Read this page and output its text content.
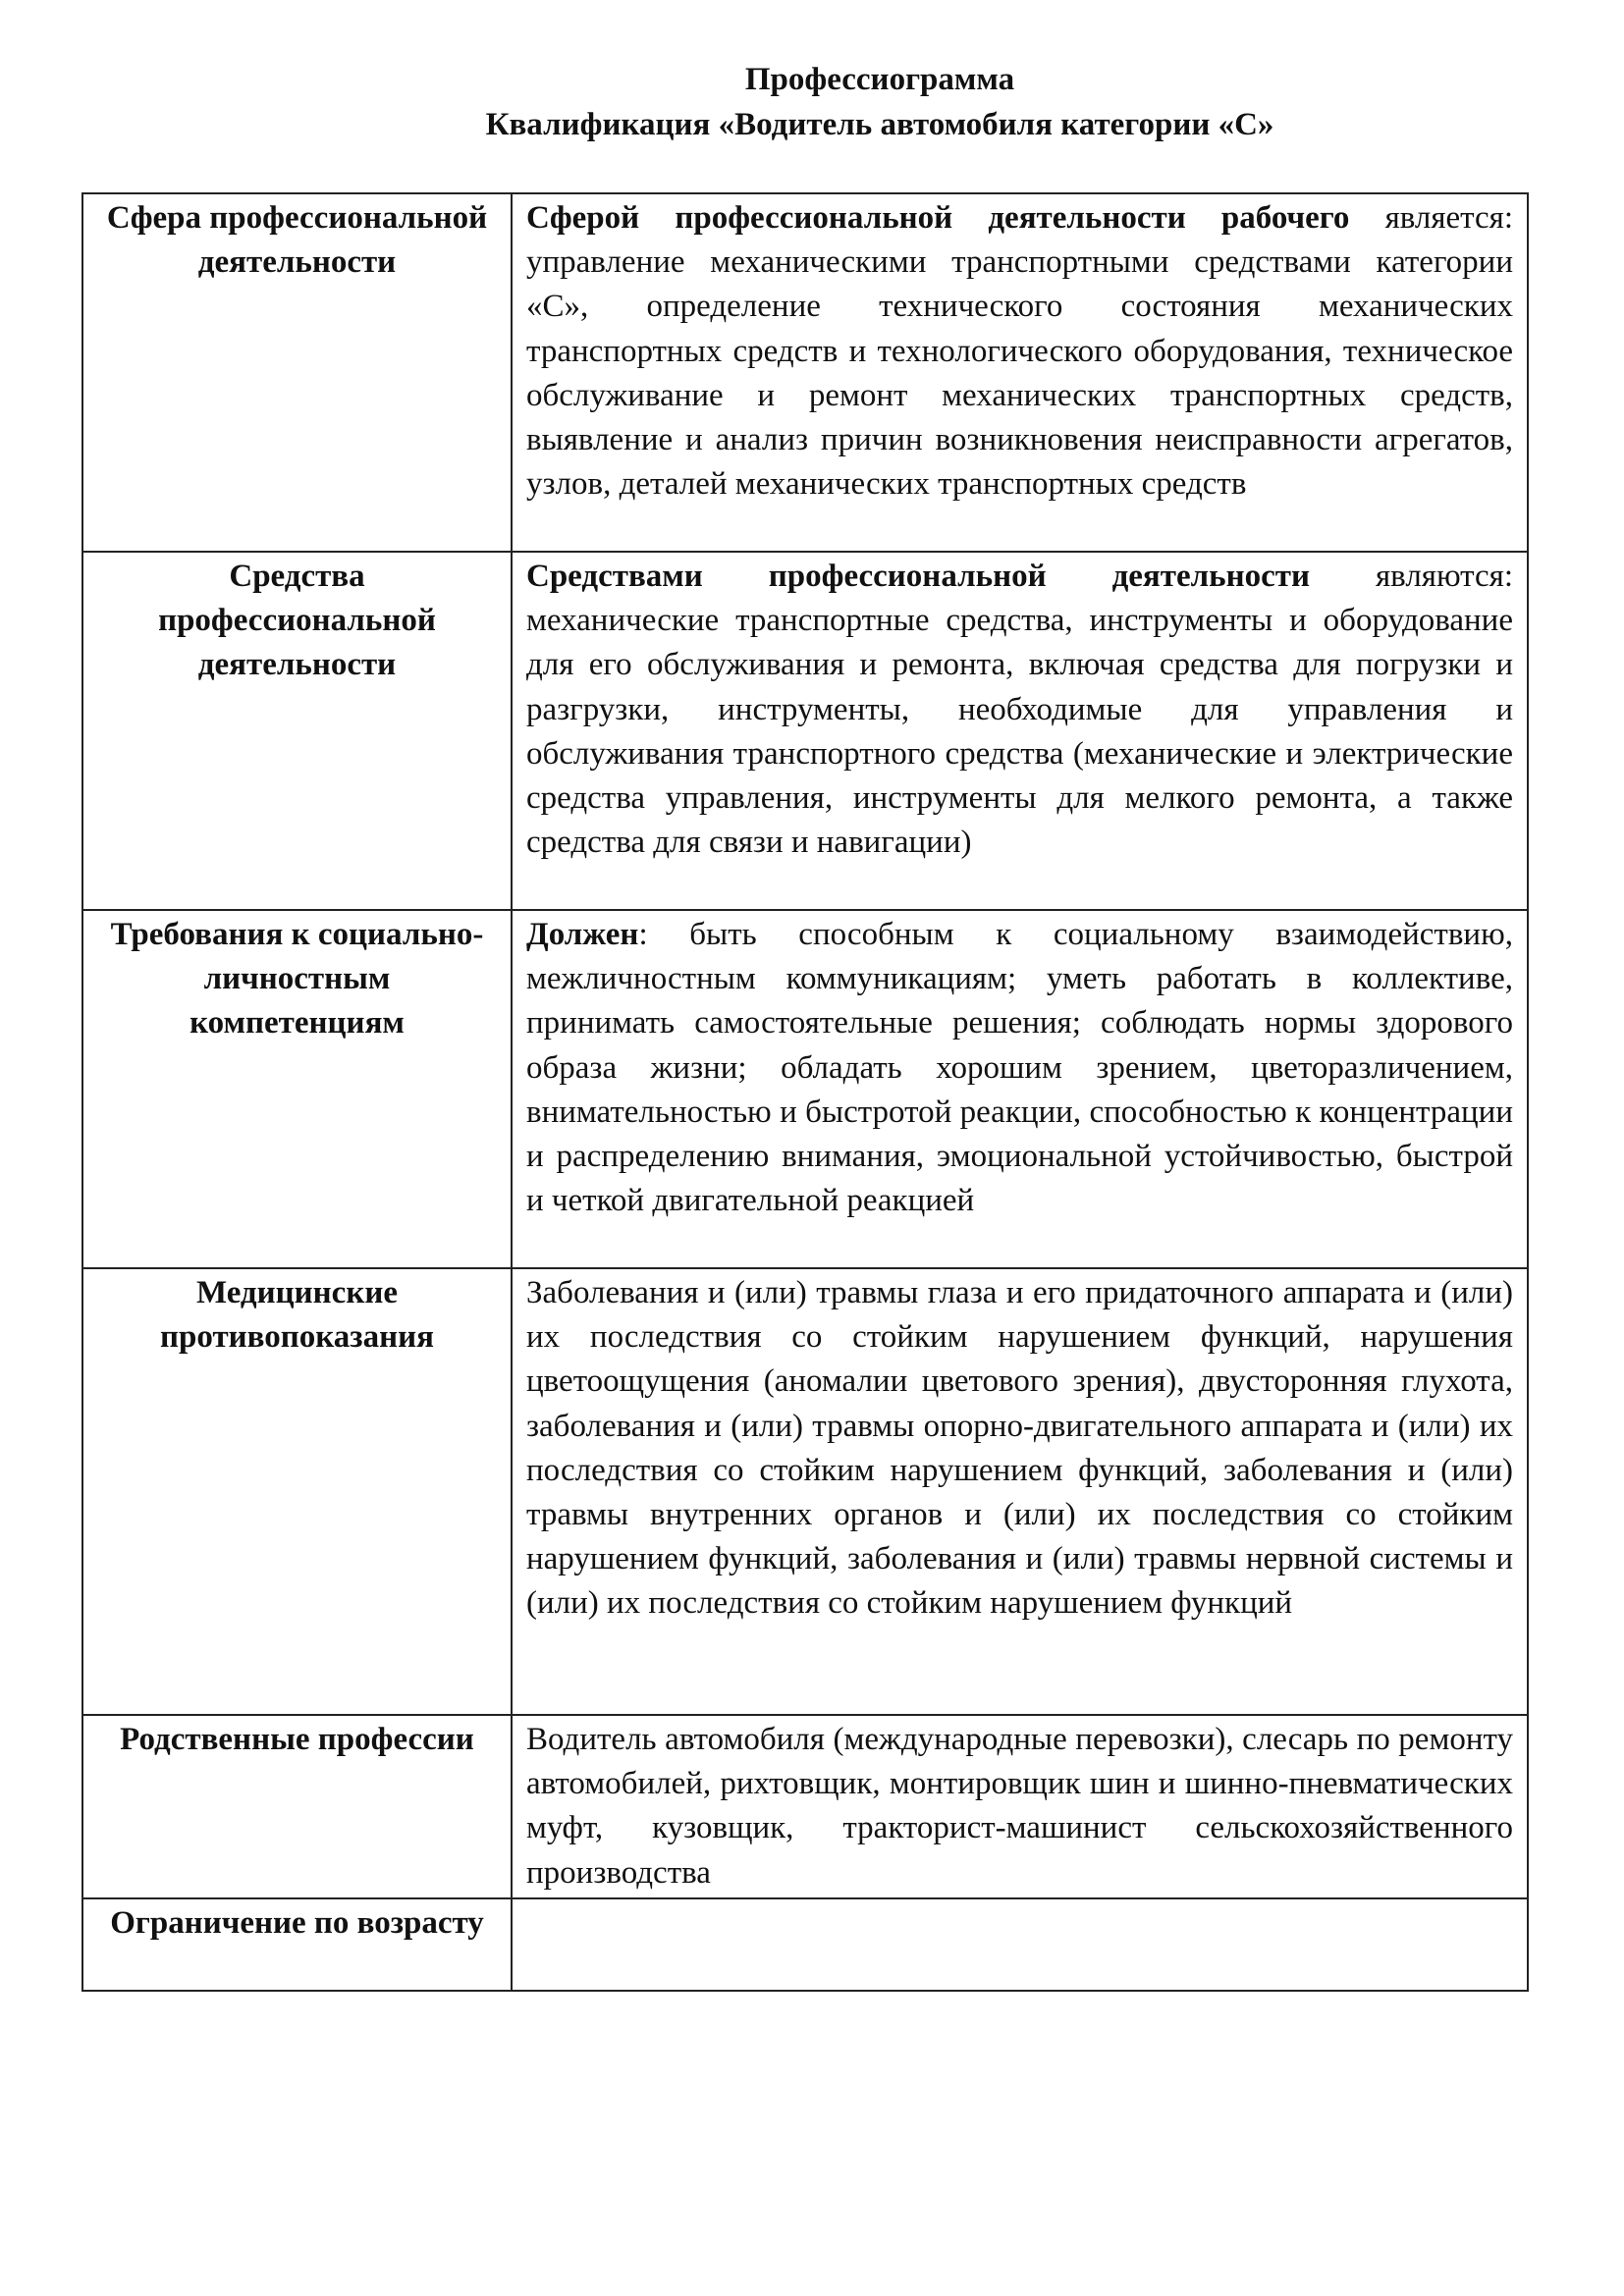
Профессиограмма
Квалификация «Водитель автомобиля категории «С»
Сфера профессиональной деятельности	Сферой профессиональной деятельности рабочего является: управление механическими транспортными средствами категории «С», определение технического состояния механических транспортных средств и технологического оборудования, техническое обслуживание и ремонт механических транспортных средств, выявление и анализ причин возникновения неисправности агрегатов, узлов, деталей механических транспортных средств
Средства профессиональной деятельности	Средствами профессиональной деятельности являются: механические транспортные средства, инструменты и оборудование для его обслуживания и ремонта, включая средства для погрузки и разгрузки, инструменты, необходимые для управления и обслуживания транспортного средства (механические и электрические средства управления, инструменты для мелкого ремонта, а также средства для связи и навигации)
Требования к социально-личностным компетенциям	Должен: быть способным к социальному взаимодействию, межличностным коммуникациям; уметь работать в коллективе, принимать самостоятельные решения; соблюдать нормы здорового образа жизни; обладать хорошим зрением, цветоразличением, внимательностью и быстротой реакции, способностью к концентрации и распределению внимания, эмоциональной устойчивостью, быстрой и четкой двигательной реакцией
Медицинские противопоказания	Заболевания и (или) травмы глаза и его придаточного аппарата и (или) их последствия со стойким нарушением функций, нарушения цветоощущения (аномалии цветового зрения), двусторонняя глухота, заболевания и (или) травмы опорно-двигательного аппарата и (или) их последствия со стойким нарушением функций, заболевания и (или) травмы внутренних органов и (или) их последствия со стойким нарушением функций, заболевания и (или) травмы нервной системы и (или) их последствия со стойким нарушением функций
Родственные профессии	Водитель автомобиля (международные перевозки), слесарь по ремонту автомобилей, рихтовщик, монтировщик шин и шинно-пневматических муфт, кузовщик, тракторист-машинист сельскохозяйственного производства
Ограничение по возрасту	
